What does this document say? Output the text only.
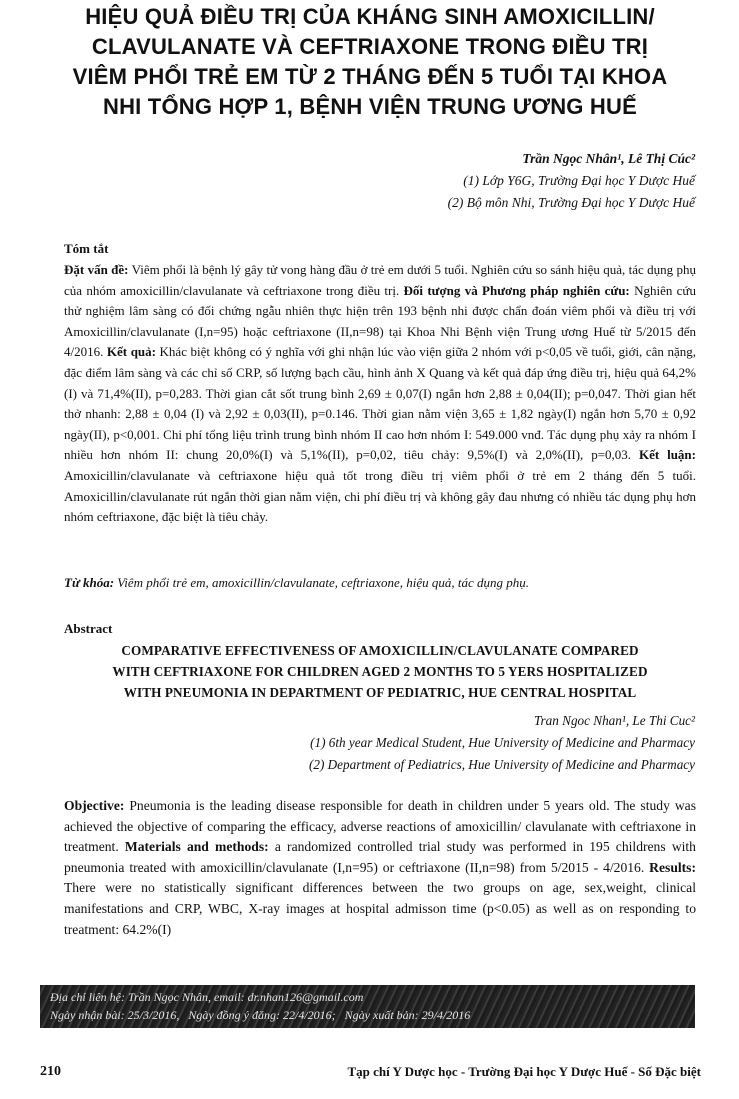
HIỆU QUẢ ĐIỀU TRỊ CỦA KHÁNG SINH AMOXICILLIN/
CLAVULANATE VÀ CEFTRIAXONE TRONG ĐIỀU TRỊ
VIÊM PHỔI TRẺ EM TỪ 2 THÁNG ĐẾN 5 TUỔI TẠI KHOA
NHI TỔNG HỢP 1, BỆNH VIỆN TRUNG ƯƠNG HUẾ
Trần Ngọc Nhân¹, Lê Thị Cúc²
(1) Lớp Y6G, Trường Đại học Y Dược Huế
(2) Bộ môn Nhi, Trường Đại học Y Dược Huế
Tóm tắt
Đặt vấn đề: Viêm phổi là bệnh lý gây tử vong hàng đầu ở trẻ em dưới 5 tuổi. Nghiên cứu so sánh hiệu quả, tác dụng phụ của nhóm amoxicillin/clavulanate và ceftriaxone trong điều trị. Đối tượng và Phương pháp nghiên cứu: Nghiên cứu thử nghiệm lâm sàng có đối chứng ngẫu nhiên thực hiện trên 193 bệnh nhi được chẩn đoán viêm phổi và điều trị với Amoxicillin/clavulanate (I,n=95) hoặc ceftriaxone (II,n=98) tại Khoa Nhi Bệnh viện Trung ương Huế từ 5/2015 đến 4/2016. Kết quả: Khác biệt không có ý nghĩa với ghi nhận lúc vào viện giữa 2 nhóm với p<0,05 về tuổi, giới, cân nặng, đặc điểm lâm sàng và các chỉ số CRP, số lượng bạch cầu, hình ảnh X Quang và kết quả đáp ứng điều trị, hiệu quả 64,2%(I) và 71,4%(II), p=0,283. Thời gian cắt sốt trung bình 2,69 ± 0,07(I) ngắn hơn 2,88 ± 0,04(II); p=0,047. Thời gian hết thở nhanh: 2,88 ± 0,04 (I) và 2,92 ± 0,03(II), p=0.146. Thời gian nằm viện 3,65 ± 1,82 ngày(I) ngắn hơn 5,70 ± 0,92 ngày(II), p<0,001. Chi phí tổng liệu trình trung bình nhóm II cao hơn nhóm I: 549.000 vnđ. Tác dụng phụ xảy ra nhóm I nhiều hơn nhóm II: chung 20,0%(I) và 5,1%(II), p=0,02, tiêu chảy: 9,5%(I) và 2,0%(II), p=0,03. Kết luận: Amoxicillin/clavulanate và ceftriaxone hiệu quả tốt trong điều trị viêm phổi ở trẻ em 2 tháng đến 5 tuổi. Amoxicillin/clavulanate rút ngắn thời gian nằm viện, chi phí điều trị và không gây đau nhưng có nhiều tác dụng phụ hơn nhóm ceftriaxone, đặc biệt là tiêu chảy.
Từ khóa: Viêm phổi trẻ em, amoxicillin/clavulanate, ceftriaxone, hiệu quả, tác dụng phụ.
Abstract
COMPARATIVE EFFECTIVENESS OF AMOXICILLIN/CLAVULANATE COMPARED
WITH CEFTRIAXONE FOR CHILDREN AGED 2 MONTHS TO 5 YERS HOSPITALIZED
WITH PNEUMONIA IN DEPARTMENT OF PEDIATRIC, HUE CENTRAL HOSPITAL
Tran Ngoc Nhan¹, Le Thi Cuc²
(1) 6th year Medical Student, Hue University of Medicine and Pharmacy
(2) Department of Pediatrics, Hue University of Medicine and Pharmacy
Objective: Pneumonia is the leading disease responsible for death in children under 5 years old. The study was achieved the objective of comparing the efficacy, adverse reactions of amoxicillin/ clavulanate with ceftriaxone in treatment. Materials and methods: a randomized controlled trial study was performed in 195 childrens with pneumonia treated with amoxicillin/clavulanate (I,n=95) or ceftriaxone (II,n=98) from 5/2015 - 4/2016. Results: There were no statistically significant differences between the two groups on age, sex,weight, clinical manifestations and CRP, WBC, X-ray images at hospital admisson time (p<0.05) as well as on responding to treatment: 64.2%(I)
Địa chỉ liên hệ: Trần Ngọc Nhân, email: dr.nhan126@gmail.com
Ngày nhận bài: 25/3/2016, Ngày đồng ý đăng: 22/4/2016; Ngày xuất bản: 29/4/2016
210	Tạp chí Y Dược học - Trường Đại học Y Dược Huế - Số Đặc biệt
